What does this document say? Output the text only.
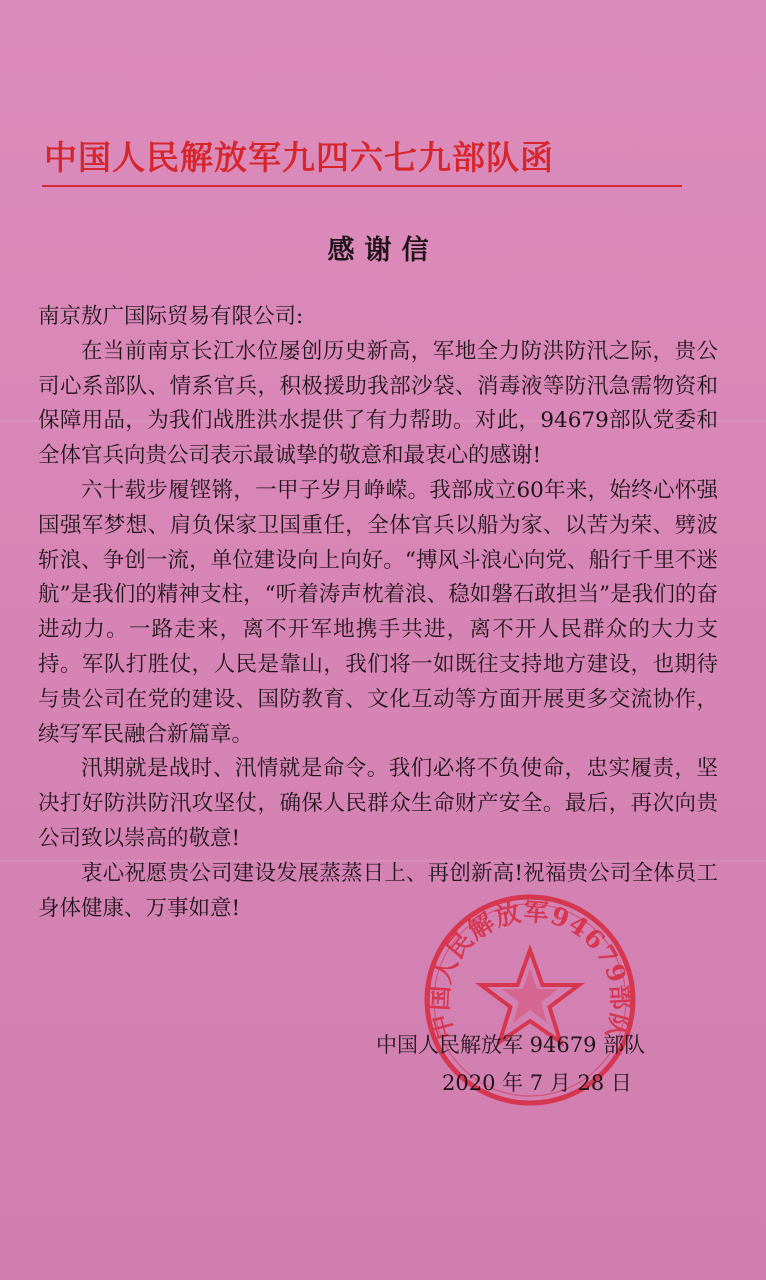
中国人民解放军九四六七九部队函
感谢信

南京敖广国际贸易有限公司:

在当前南京长江水位屡创历史新高，军地全力防洪防汛之际，贵公司心系部队、情系官兵，积极援助我部沙袋、消毒液等防汛急需物资和保障用品，为我们战胜洪水提供了有力帮助。对此，94679部队党委和全体官兵向贵公司表示最诚挚的敬意和最衷心的感谢!

六十载步履铿锵，一甲子岁月峥嵘。我部成立60年来，始终心怀强国强军梦想、肩负保家卫国重任，全体官兵以船为家、以苦为荣、劈波斩浪、争创一流，单位建设向上向好。“搏风斗浪心向党、船行千里不迷航”是我们的精神支柱，“听着涛声枕着浪、稳如磐石敢担当”是我们的奋进动力。一路走来，离不开军地携手共进，离不开人民群众的大力支持。军队打胜仗，人民是靠山，我们将一如既往支持地方建设，也期待与贵公司在党的建设、国防教育、文化互动等方面开展更多交流协作，续写军民融合新篇章。

汛期就是战时、汛情就是命令。我们必将不负使命，忠实履责，坚决打好防洪防汛攻坚仗，确保人民群众生命财产安全。最后，再次向贵公司致以崇高的敬意!

衷心祝愿贵公司建设发展蒸蒸日上、再创新高!祝福贵公司全体员工身体健康、万事如意!

中国人民解放军94679部队
中国人民解放军 94679 部队
2020 年 7 月 28 日
